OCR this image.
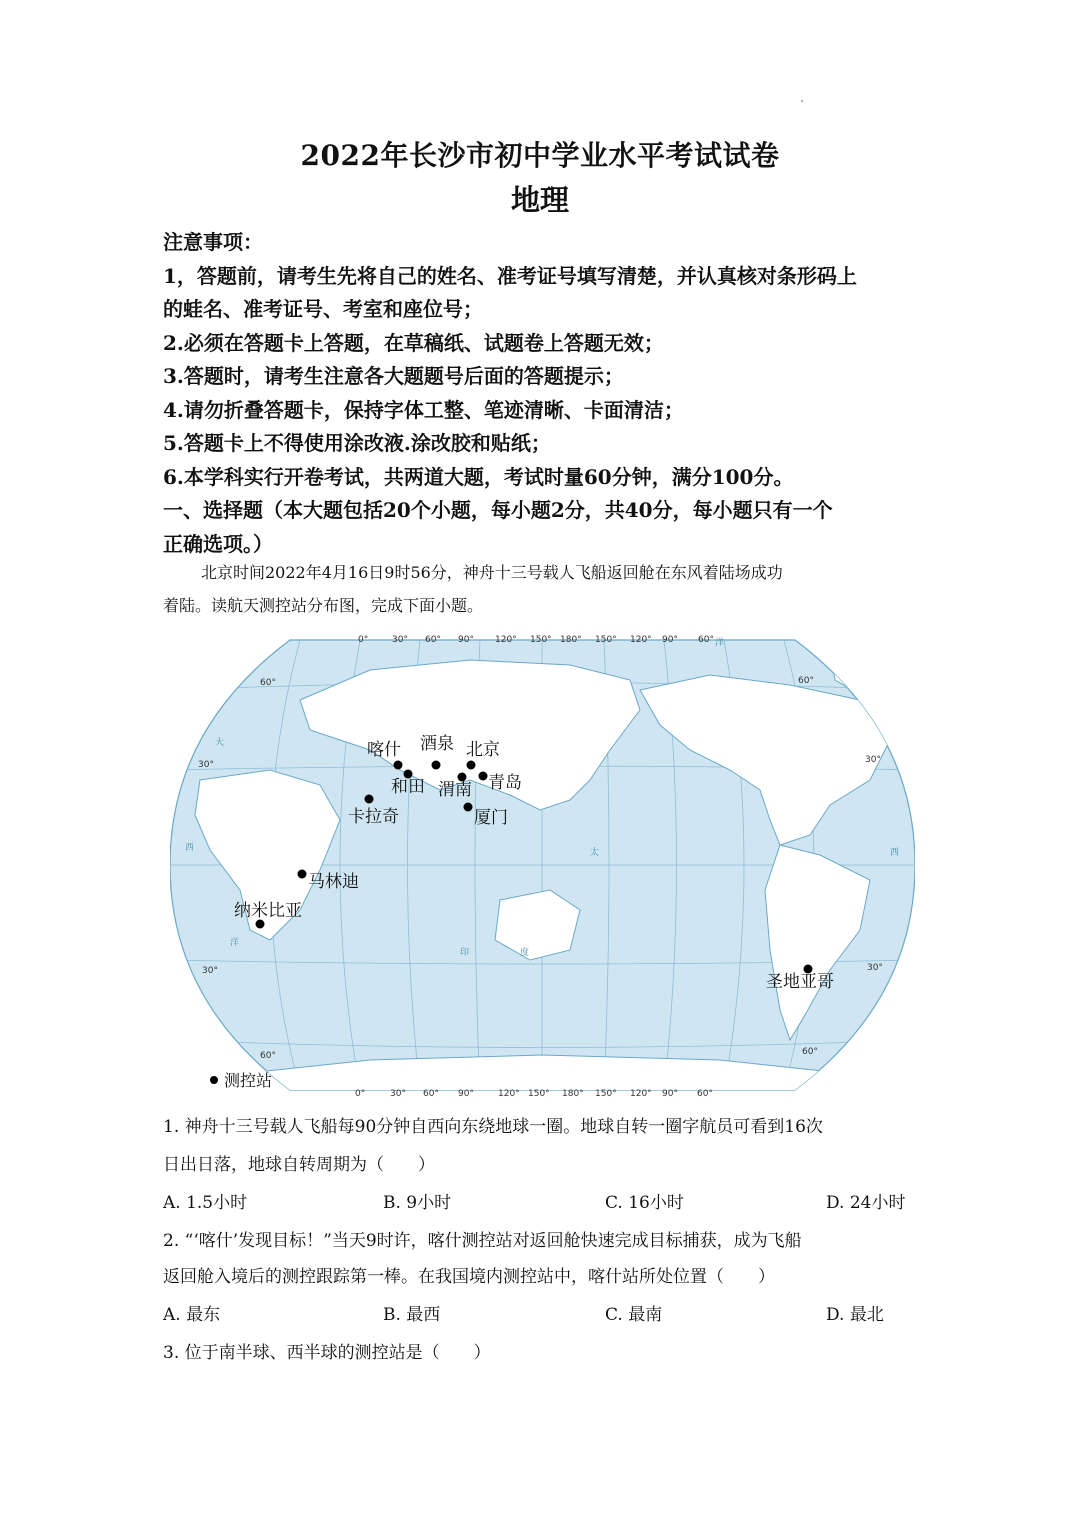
2022年长沙市初中学业水平考试试卷
地理
注意事项：
1，答题前，请考生先将自己的姓名、准考证号填写清楚，并认真核对条形码上
的蛙名、准考证号、考室和座位号；
2.必须在答题卡上答题，在草稿纸、试题卷上答题无效；
3.答题时，请考生注意各大题题号后面的答题提示；
4.请勿折叠答题卡，保持字体工整、笔迹清晰、卡面清洁；
5.答题卡上不得使用涂改液.涂改胶和贴纸；
6.本学科实行开卷考试，共两道大题，考试时量60分钟，满分100分。
一、选择题（本大题包括20个小题，每小题2分，共40分，每小题只有一个
正确选项。）
北京时间2022年4月16日9时56分，神舟十三号载人飞船返回舱在东风着陆场成功
着陆。读航天测控站分布图，完成下面小题。
洋
大
西	西
太
印	度
洋
0°	30° 60° 90° 120° 150° 180° 150° 120° 90° 60°
0°	30° 60° 90°	120° 150° 180° 150° 120° 90° 60°
60°
30°
30°
60°
60°
30°
30°
60°
喀什 酒泉 北京
和田 渭南 青岛
卡拉奇	厦门
马林迪
纳米比亚
圣地亚哥
测控站
1. 神舟十三号载人飞船每90分钟自西向东绕地球一圈。地球自转一圈字航员可看到16次
日出日落，地球自转周期为（　　）
A. 1.5小时	B. 9小时	C. 16小时	D. 24小时
2. “‘喀什’发现目标！”当天9时许，喀什测控站对返回舱快速完成目标捕获，成为飞船
返回舱入境后的测控跟踪第一棒。在我国境内测控站中，喀什站所处位置（　　）
A. 最东	B. 最西	C. 最南	D. 最北
3. 位于南半球、西半球的测控站是（　　）
